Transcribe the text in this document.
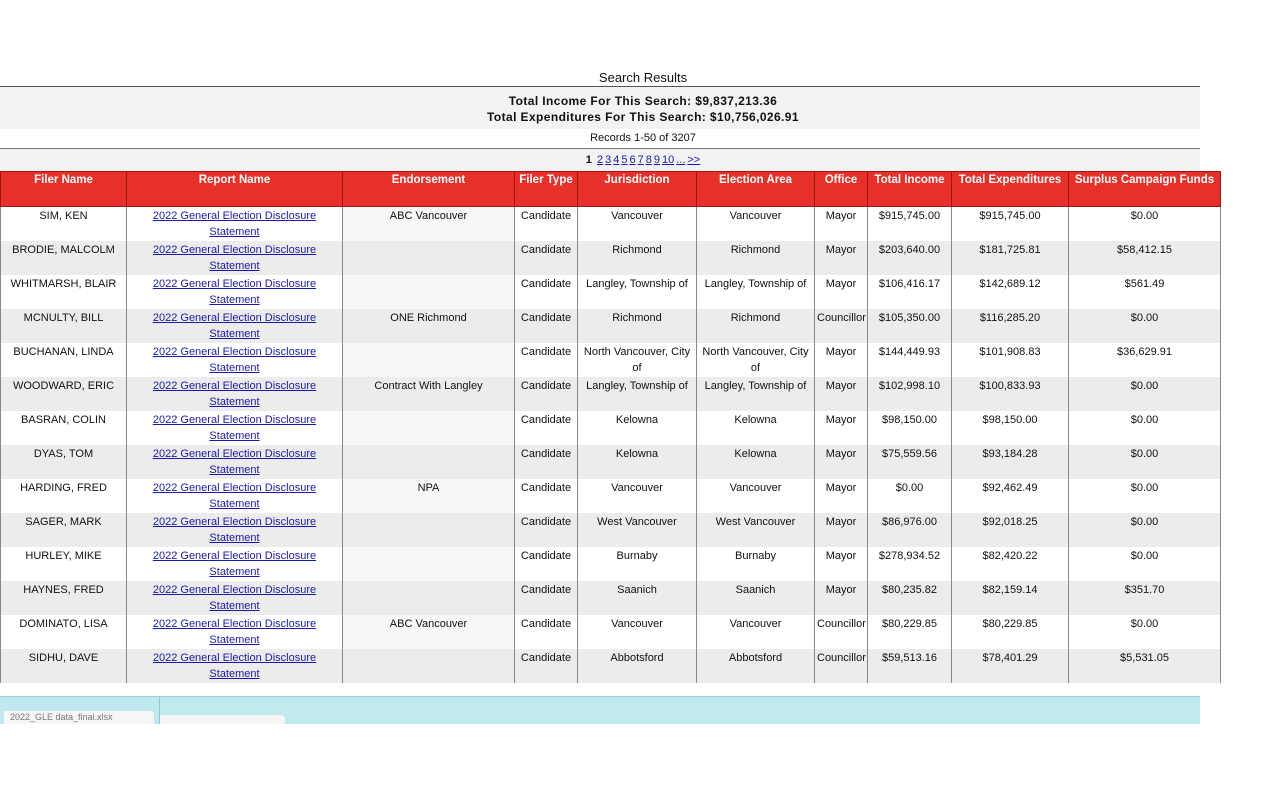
Search Results
Total Income For This Search: $9,837,213.36
Total Expenditures For This Search: $10,756,026.91
Records 1-50 of 3207
1 2 3 4 5 6 7 8 9 10 ... >>
Filer Name	Report Name	Endorsement	Filer Type	Jurisdiction	Election Area	Office	Total Income	Total Expenditures	Surplus Campaign Funds
SIM, KEN	2022 General Election Disclosure Statement	ABC Vancouver	Candidate	Vancouver	Vancouver	Mayor	$915,745.00	$915,745.00	$0.00
BRODIE, MALCOLM	2022 General Election Disclosure Statement		Candidate	Richmond	Richmond	Mayor	$203,640.00	$181,725.81	$58,412.15
WHITMARSH, BLAIR	2022 General Election Disclosure Statement		Candidate	Langley, Township of	Langley, Township of	Mayor	$106,416.17	$142,689.12	$561.49
MCNULTY, BILL	2022 General Election Disclosure Statement	ONE Richmond	Candidate	Richmond	Richmond	Councillor	$105,350.00	$116,285.20	$0.00
BUCHANAN, LINDA	2022 General Election Disclosure Statement		Candidate	North Vancouver, City of	North Vancouver, City of	Mayor	$144,449.93	$101,908.83	$36,629.91
WOODWARD, ERIC	2022 General Election Disclosure Statement	Contract With Langley	Candidate	Langley, Township of	Langley, Township of	Mayor	$102,998.10	$100,833.93	$0.00
BASRAN, COLIN	2022 General Election Disclosure Statement		Candidate	Kelowna	Kelowna	Mayor	$98,150.00	$98,150.00	$0.00
DYAS, TOM	2022 General Election Disclosure Statement		Candidate	Kelowna	Kelowna	Mayor	$75,559.56	$93,184.28	$0.00
HARDING, FRED	2022 General Election Disclosure Statement	NPA	Candidate	Vancouver	Vancouver	Mayor	$0.00	$92,462.49	$0.00
SAGER, MARK	2022 General Election Disclosure Statement		Candidate	West Vancouver	West Vancouver	Mayor	$86,976.00	$92,018.25	$0.00
HURLEY, MIKE	2022 General Election Disclosure Statement		Candidate	Burnaby	Burnaby	Mayor	$278,934.52	$82,420.22	$0.00
HAYNES, FRED	2022 General Election Disclosure Statement		Candidate	Saanich	Saanich	Mayor	$80,235.82	$82,159.14	$351.70
DOMINATO, LISA	2022 General Election Disclosure Statement	ABC Vancouver	Candidate	Vancouver	Vancouver	Councillor	$80,229.85	$80,229.85	$0.00
SIDHU, DAVE	2022 General Election Disclosure Statement		Candidate	Abbotsford	Abbotsford	Councillor	$59,513.16	$78,401.29	$5,531.05
2022_GLE data_final.xlsx
